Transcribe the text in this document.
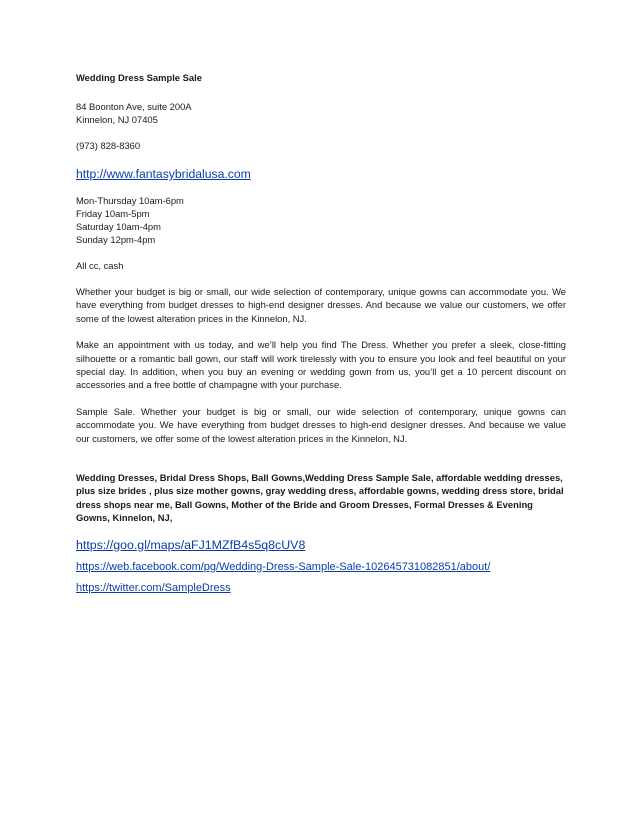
Wedding Dress Sample Sale
84 Boonton Ave, suite 200A
Kinnelon, NJ 07405
(973) 828-8360
http://www.fantasybridalusa.com
Mon-Thursday 10am-6pm
Friday 10am-5pm
Saturday 10am-4pm
Sunday 12pm-4pm
All cc, cash

Whether your budget is big or small, our wide selection of contemporary, unique gowns can accommodate you. We have everything from budget dresses to high-end designer dresses. And because we value our customers, we offer some of the lowest alteration prices in the Kinnelon, NJ.

Make an appointment with us today, and we’ll help you find The Dress. Whether you prefer a sleek, close-fitting silhouette or a romantic ball gown, our staff will work tirelessly with you to ensure you look and feel beautiful on your special day. In addition, when you buy an evening or wedding gown from us, you’ll get a 10 percent discount on accessories and a free bottle of champagne with your purchase.

Sample Sale. Whether your budget is big or small, our wide selection of contemporary, unique gowns can accommodate you. We have everything from budget dresses to high-end designer dresses. And because we value our customers, we offer some of the lowest alteration prices in the Kinnelon, NJ.

Wedding Dresses, Bridal Dress Shops, Ball Gowns,Wedding Dress Sample Sale, affordable wedding dresses, plus size brides , plus size mother gowns, gray wedding dress, affordable gowns, wedding dress store, bridal dress shops near me, Ball Gowns, Mother of the Bride and Groom Dresses, Formal Dresses & Evening Gowns, Kinnelon, NJ,
https://goo.gl/maps/aFJ1MZfB4s5q8cUV8
https://web.facebook.com/pg/Wedding-Dress-Sample-Sale-102645731082851/about/
https://twitter.com/SampleDress
